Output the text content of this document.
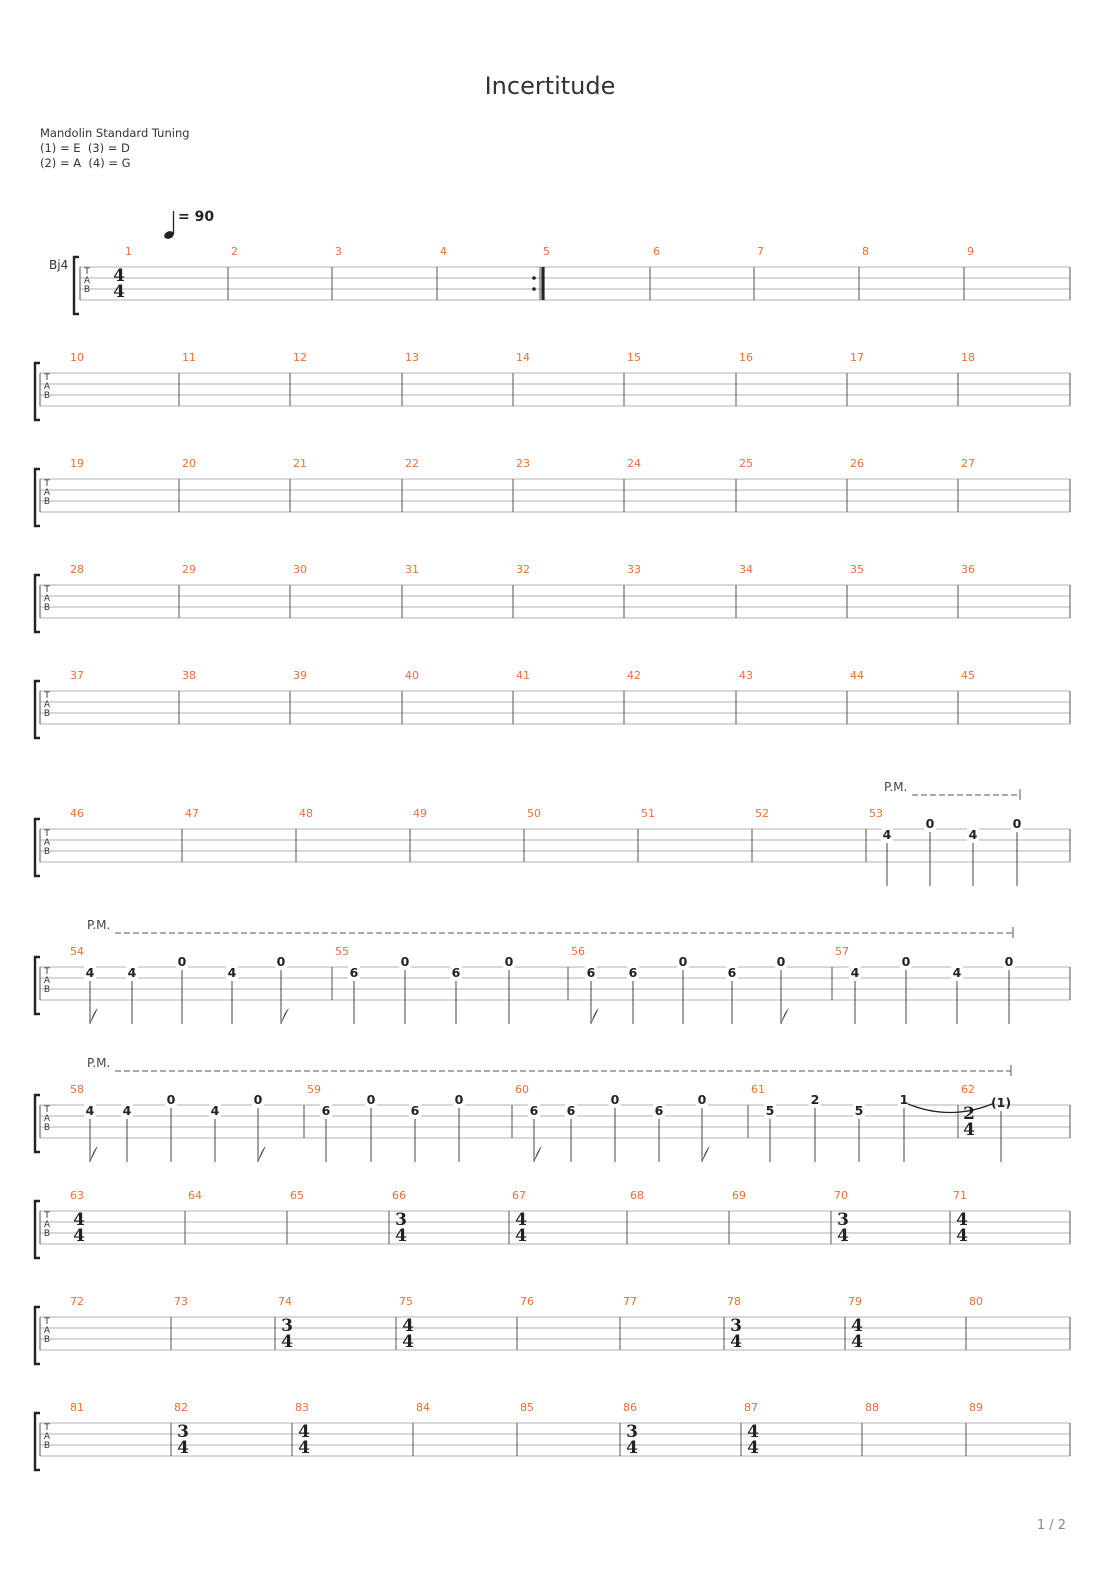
Incertitude
Mandolin Standard Tuning
(1) = E  (3) = D
(2) = A  (4) = G
= 90
Bj4
1 / 2
T
A
B
1
4
4
2	3	4	5	6	7	8	9
T
A
B
10	11	12	13	14	15	16	17	18
T
A
B
19	20	21	22	23	24	25	26	27
T
A
B
28	29	30	31	32	33	34	35	36
T
A
B
37	38	39	40	41	42	43	44	45
T
A
B
46	47	48	49	50	51	52	53
4
0
4
0
P.M.
T
A
B
54
4	4
0
4
0
55
6
0
6
0
56
6	6
0
6
0
57
4
0
4
0
P.M.
T
A
B
58
4 4
0
4
0
59
6
0
6
0
60
6 6
0
6
0
61
5
2
5
1
62
2
4
(1)
P.M.
T
A
B
63
4
4
64	65	66
3
4
67
4
4
68	69	70
3
4
71
4
4
T
A
B
72	73	74
3
4
75
4
4
76	77	78
3
4
79
4
4
80
T
A
B
81	82
3
4
83
4
4
84	85	86
3
4
87
4
4
88	89
